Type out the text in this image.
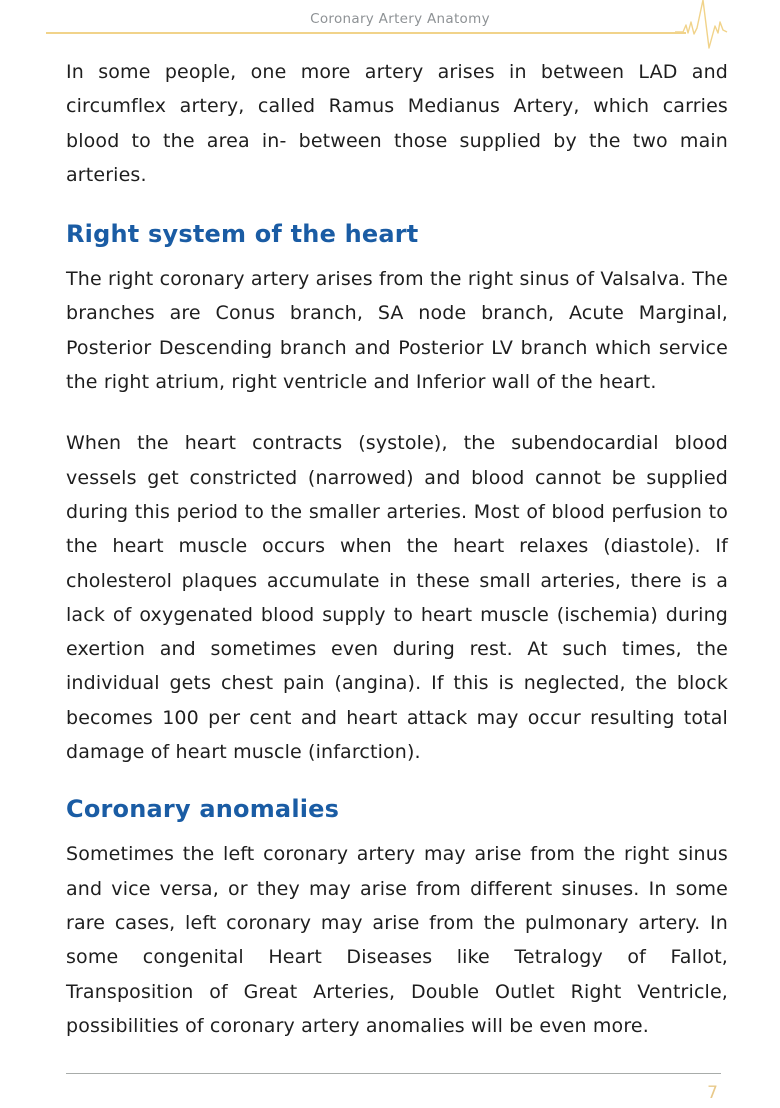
Coronary Artery Anatomy

In some people, one more artery arises in between LAD and circumflex artery, called Ramus Medianus Artery, which carries blood to the area in- between those supplied by the two main arteries.

Right system of the heart

The right coronary artery arises from the right sinus of Valsalva. The branches are Conus branch, SA node branch, Acute Marginal, Posterior Descending branch and Posterior LV branch which service the right atrium, right ventricle and Inferior wall of the heart.

When the heart contracts (systole), the subendocardial blood vessels get constricted (narrowed) and blood cannot be supplied during this period to the smaller arteries. Most of blood perfusion to the heart muscle occurs when the heart relaxes (diastole). If cholesterol plaques accumulate in these small arteries, there is a lack of oxygenated blood supply to heart muscle (ischemia) during exertion and sometimes even during rest. At such times, the individual gets chest pain (angina). If this is neglected, the block becomes 100 per cent and heart attack may occur resulting total damage of heart muscle (infarction).

Coronary anomalies

Sometimes the left coronary artery may arise from the right sinus and vice versa, or they may arise from different sinuses. In some rare cases, left coronary may arise from the pulmonary artery. In some congenital Heart Diseases like Tetralogy of Fallot, Transposition of Great Arteries, Double Outlet Right Ventricle, possibilities of coronary artery anomalies will be even more.

7
